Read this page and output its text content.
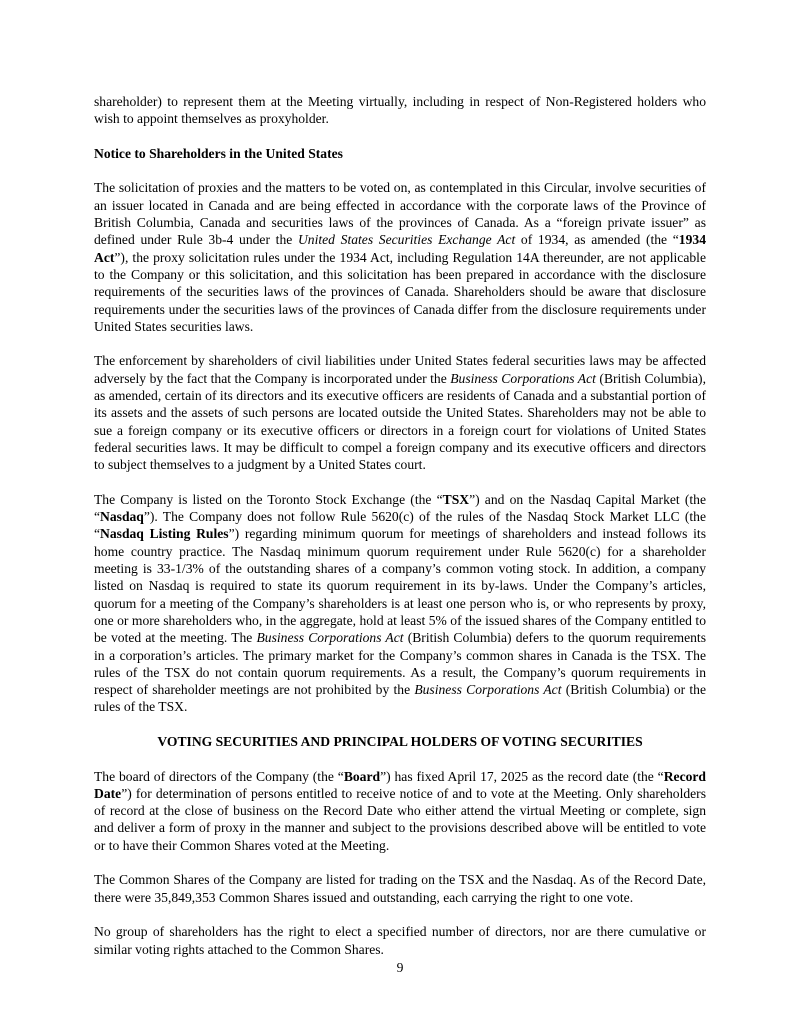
shareholder) to represent them at the Meeting virtually, including in respect of Non-Registered holders who wish to appoint themselves as proxyholder.

Notice to Shareholders in the United States

The solicitation of proxies and the matters to be voted on, as contemplated in this Circular, involve securities of an issuer located in Canada and are being effected in accordance with the corporate laws of the Province of British Columbia, Canada and securities laws of the provinces of Canada. As a “foreign private issuer” as defined under Rule 3b-4 under the United States Securities Exchange Act of 1934, as amended (the “1934 Act”), the proxy solicitation rules under the 1934 Act, including Regulation 14A thereunder, are not applicable to the Company or this solicitation, and this solicitation has been prepared in accordance with the disclosure requirements of the securities laws of the provinces of Canada. Shareholders should be aware that disclosure requirements under the securities laws of the provinces of Canada differ from the disclosure requirements under United States securities laws.

The enforcement by shareholders of civil liabilities under United States federal securities laws may be affected adversely by the fact that the Company is incorporated under the Business Corporations Act (British Columbia), as amended, certain of its directors and its executive officers are residents of Canada and a substantial portion of its assets and the assets of such persons are located outside the United States. Shareholders may not be able to sue a foreign company or its executive officers or directors in a foreign court for violations of United States federal securities laws. It may be difficult to compel a foreign company and its executive officers and directors to subject themselves to a judgment by a United States court.

The Company is listed on the Toronto Stock Exchange (the “TSX”) and on the Nasdaq Capital Market (the “Nasdaq”). The Company does not follow Rule 5620(c) of the rules of the Nasdaq Stock Market LLC (the “Nasdaq Listing Rules”) regarding minimum quorum for meetings of shareholders and instead follows its home country practice. The Nasdaq minimum quorum requirement under Rule 5620(c) for a shareholder meeting is 33-1/3% of the outstanding shares of a company’s common voting stock. In addition, a company listed on Nasdaq is required to state its quorum requirement in its by-laws. Under the Company’s articles, quorum for a meeting of the Company’s shareholders is at least one person who is, or who represents by proxy, one or more shareholders who, in the aggregate, hold at least 5% of the issued shares of the Company entitled to be voted at the meeting. The Business Corporations Act (British Columbia) defers to the quorum requirements in a corporation’s articles. The primary market for the Company’s common shares in Canada is the TSX. The rules of the TSX do not contain quorum requirements. As a result, the Company’s quorum requirements in respect of shareholder meetings are not prohibited by the Business Corporations Act (British Columbia) or the rules of the TSX.

VOTING SECURITIES AND PRINCIPAL HOLDERS OF VOTING SECURITIES

The board of directors of the Company (the “Board”) has fixed April 17, 2025 as the record date (the “Record Date”) for determination of persons entitled to receive notice of and to vote at the Meeting. Only shareholders of record at the close of business on the Record Date who either attend the virtual Meeting or complete, sign and deliver a form of proxy in the manner and subject to the provisions described above will be entitled to vote or to have their Common Shares voted at the Meeting.

The Common Shares of the Company are listed for trading on the TSX and the Nasdaq. As of the Record Date, there were 35,849,353 Common Shares issued and outstanding, each carrying the right to one vote.

No group of shareholders has the right to elect a specified number of directors, nor are there cumulative or similar voting rights attached to the Common Shares.

9
